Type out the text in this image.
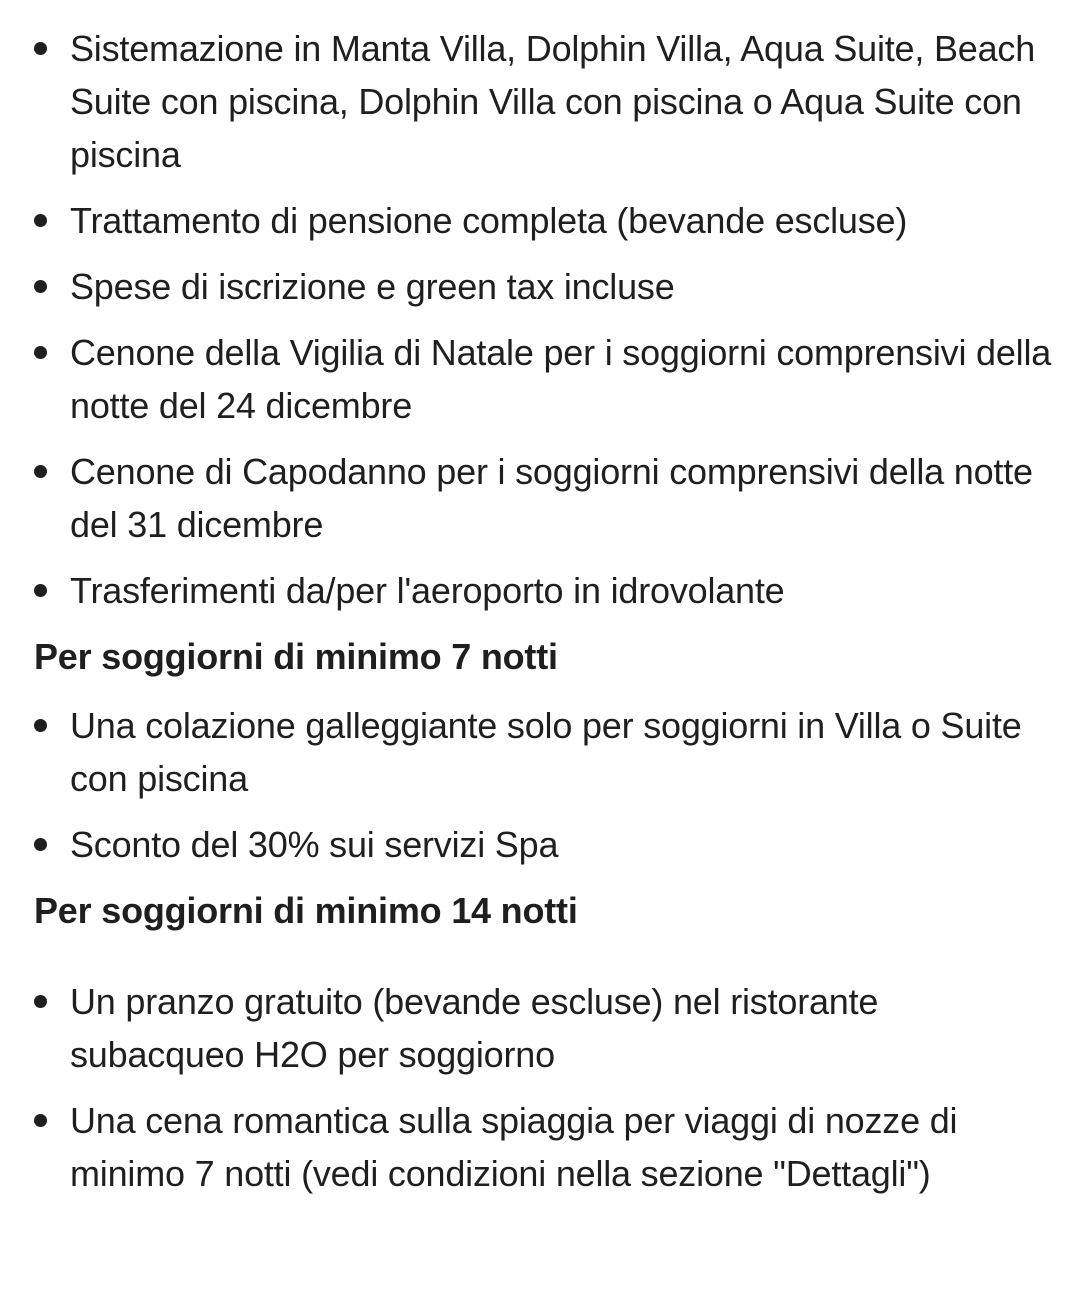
Sistemazione in Manta Villa, Dolphin Villa, Aqua Suite, Beach Suite con piscina, Dolphin Villa con piscina o Aqua Suite con piscina
Trattamento di pensione completa (bevande escluse)
Spese di iscrizione e green tax incluse
Cenone della Vigilia di Natale per i soggiorni comprensivi della notte del 24 dicembre
Cenone di Capodanno per i soggiorni comprensivi della notte del 31 dicembre
Trasferimenti da/per l'aeroporto in idrovolante
Per soggiorni di minimo 7 notti
Una colazione galleggiante solo per soggiorni in Villa o Suite con piscina
Sconto del 30% sui servizi Spa
Per soggiorni di minimo 14 notti
Un pranzo gratuito (bevande escluse) nel ristorante subacqueo H2O per soggiorno
Una cena romantica sulla spiaggia per viaggi di nozze di minimo 7 notti (vedi condizioni nella sezione "Dettagli")
